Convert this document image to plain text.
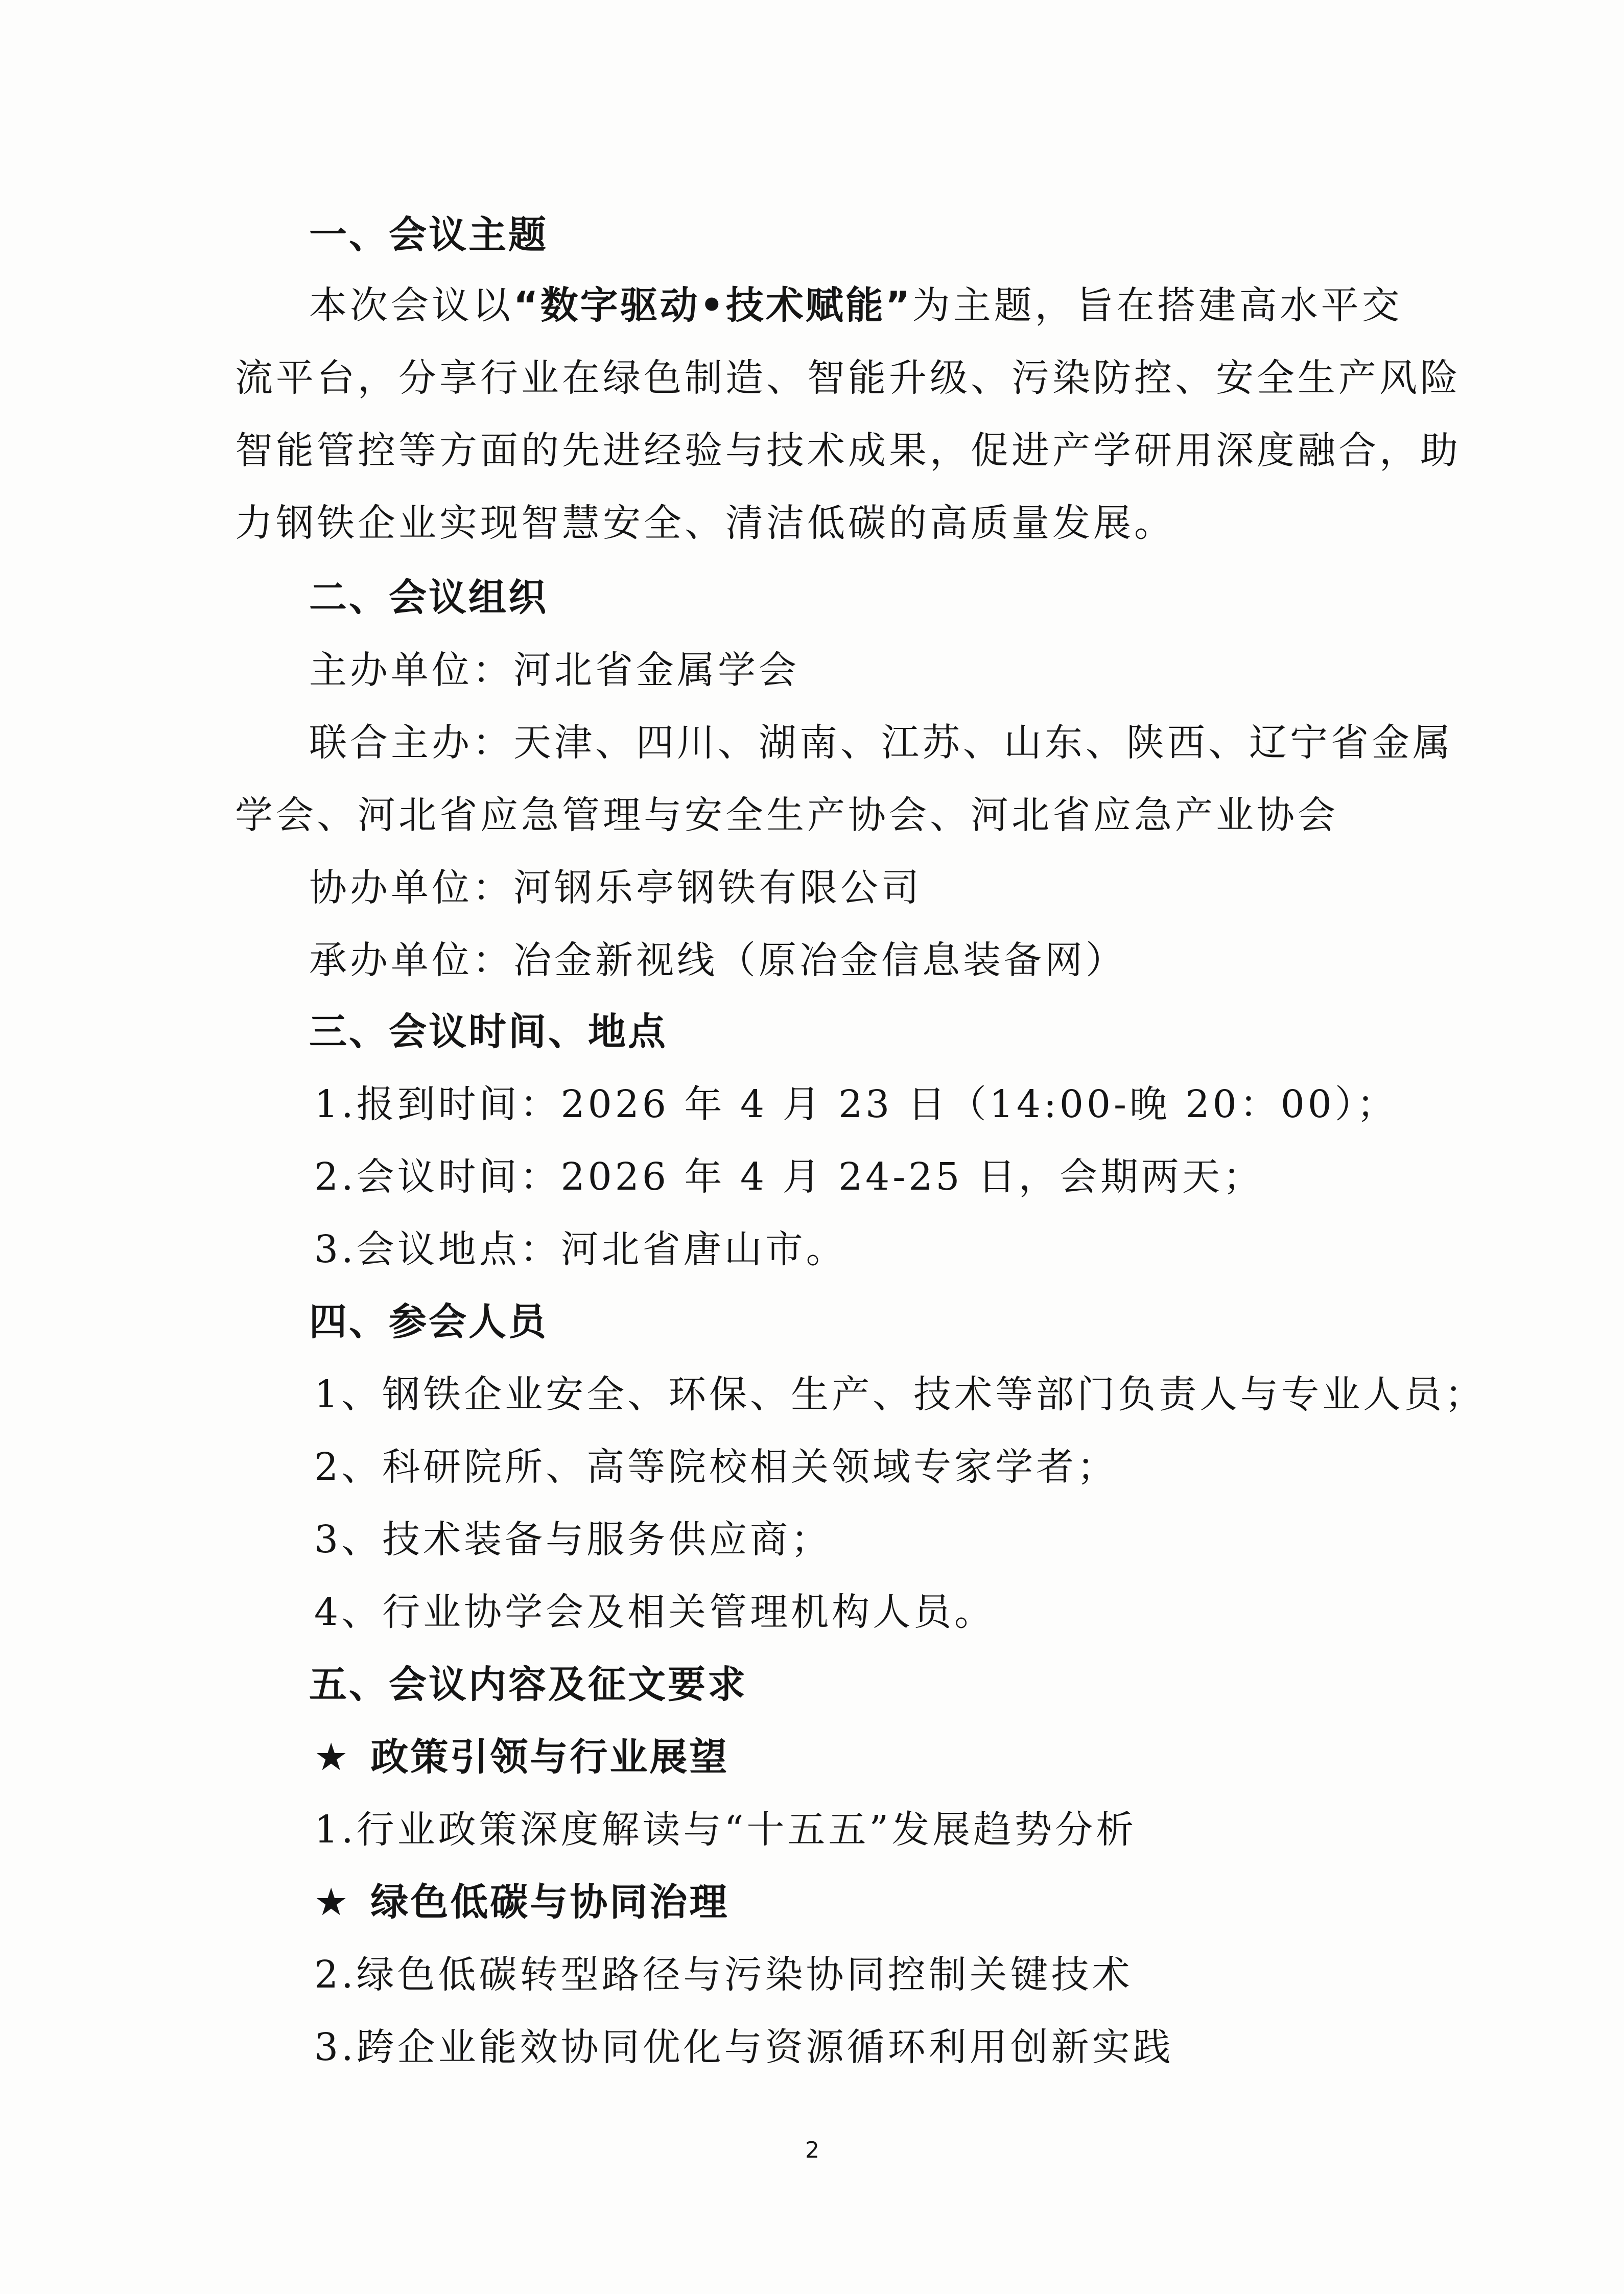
一、会议主题
本次会议以“数字驱动•技术赋能”为主题，旨在搭建高水平交
流平台，分享行业在绿色制造、智能升级、污染防控、安全生产风险
智能管控等方面的先进经验与技术成果，促进产学研用深度融合，助
力钢铁企业实现智慧安全、清洁低碳的高质量发展。
二、会议组织
主办单位：河北省金属学会
联合主办：天津、四川、湖南、江苏、山东、陕西、辽宁省金属
学会、河北省应急管理与安全生产协会、河北省应急产业协会
协办单位：河钢乐亭钢铁有限公司
承办单位：冶金新视线（原冶金信息装备网）
三、会议时间、地点
1.报到时间：2026 年 4 月 23 日（14:00-晚 20：00）；
2.会议时间：2026 年 4 月 24-25 日，会期两天；
3.会议地点：河北省唐山市。
四、参会人员
1、钢铁企业安全、环保、生产、技术等部门负责人与专业人员；
2、科研院所、高等院校相关领域专家学者；
3、技术装备与服务供应商；
4、行业协学会及相关管理机构人员。
五、会议内容及征文要求
★ 政策引领与行业展望
1.行业政策深度解读与“十五五”发展趋势分析
★ 绿色低碳与协同治理
2.绿色低碳转型路径与污染协同控制关键技术
3.跨企业能效协同优化与资源循环利用创新实践
2
